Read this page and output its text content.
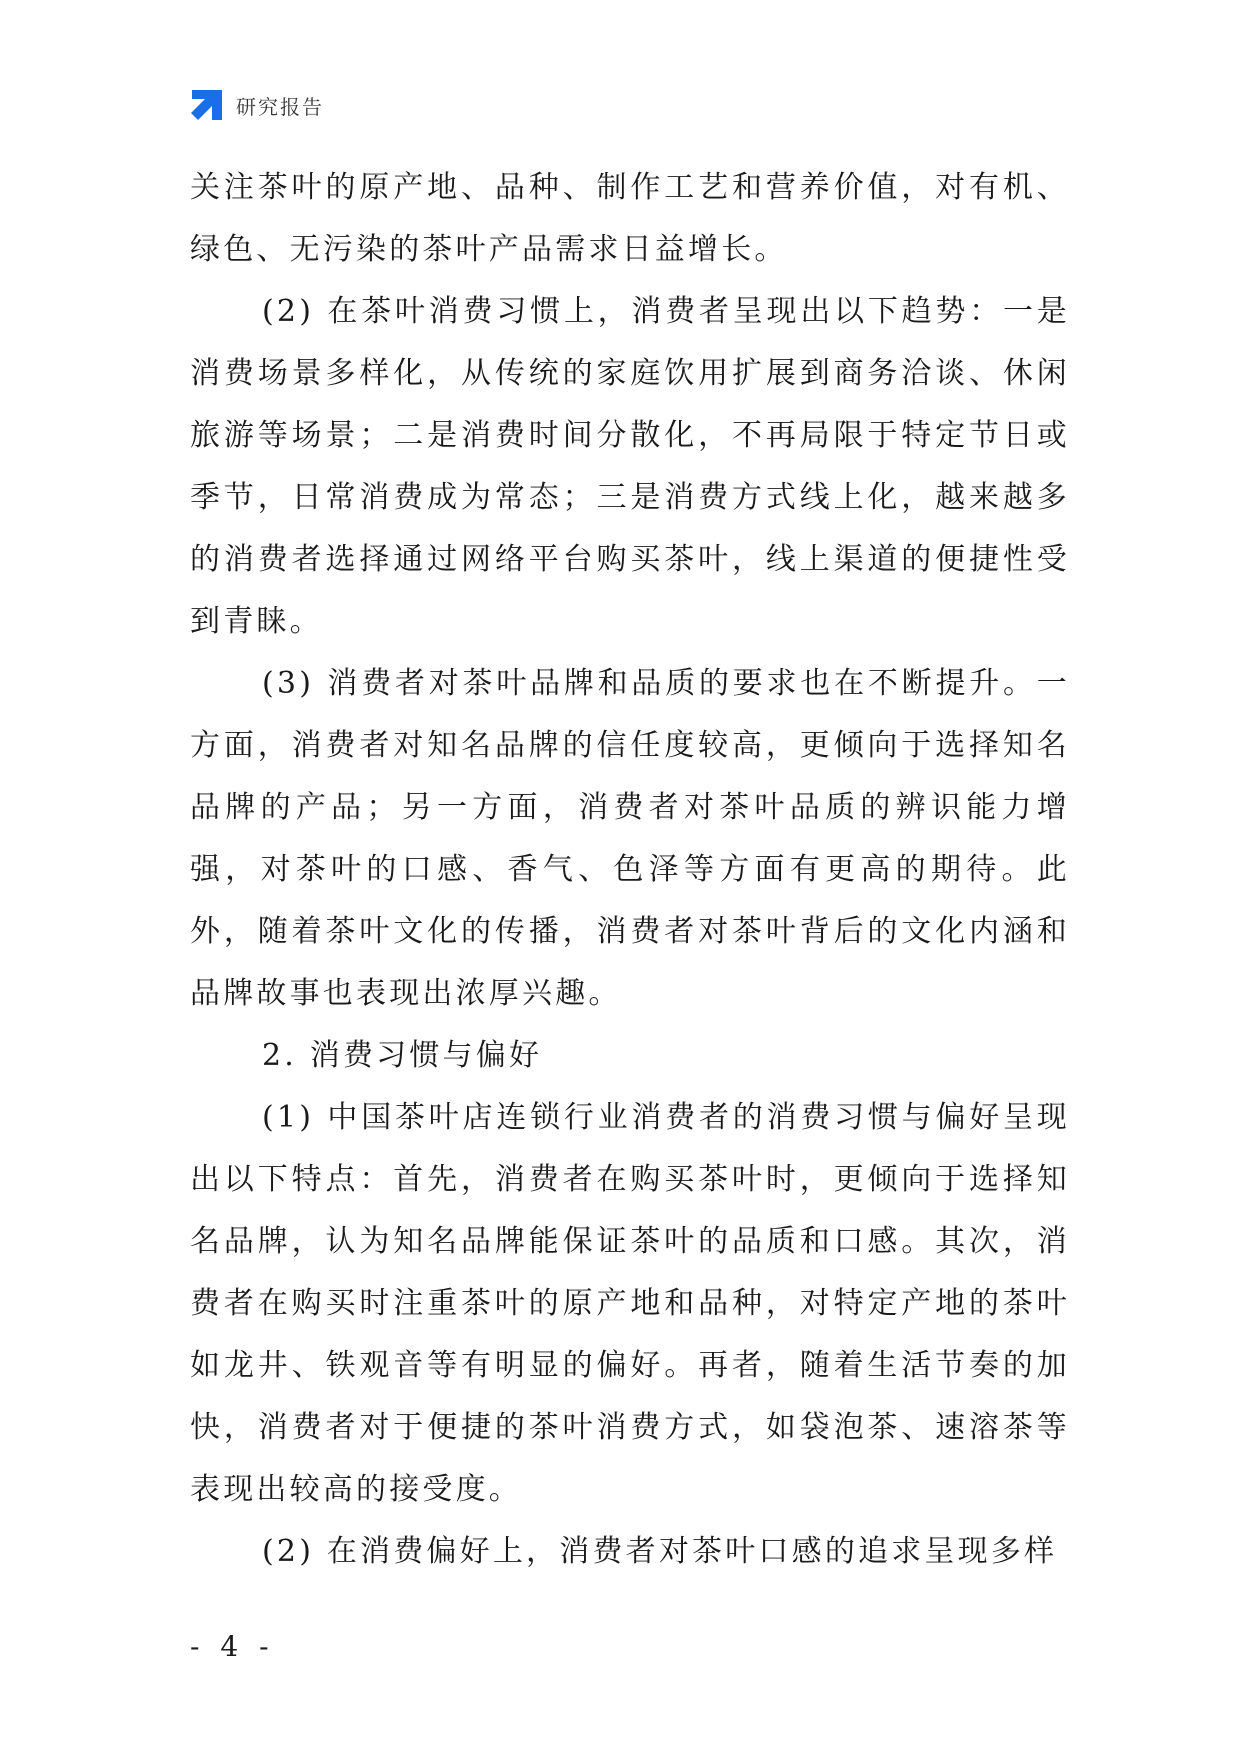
研究报告

关注茶叶的原产地、品种、制作工艺和营养价值，对有机、绿色、无污染的茶叶产品需求日益增长。

(2) 在茶叶消费习惯上，消费者呈现出以下趋势：一是消费场景多样化，从传统的家庭饮用扩展到商务洽谈、休闲旅游等场景；二是消费时间分散化，不再局限于特定节日或季节，日常消费成为常态；三是消费方式线上化，越来越多的消费者选择通过网络平台购买茶叶，线上渠道的便捷性受到青睐。

(3) 消费者对茶叶品牌和品质的要求也在不断提升。一方面，消费者对知名品牌的信任度较高，更倾向于选择知名品牌的产品；另一方面，消费者对茶叶品质的辨识能力增强，对茶叶的口感、香气、色泽等方面有更高的期待。此外，随着茶叶文化的传播，消费者对茶叶背后的文化内涵和品牌故事也表现出浓厚兴趣。

2. 消费习惯与偏好

(1) 中国茶叶店连锁行业消费者的消费习惯与偏好呈现出以下特点：首先，消费者在购买茶叶时，更倾向于选择知名品牌，认为知名品牌能保证茶叶的品质和口感。其次，消费者在购买时注重茶叶的原产地和品种，对特定产地的茶叶如龙井、铁观音等有明显的偏好。再者，随着生活节奏的加快，消费者对于便捷的茶叶消费方式，如袋泡茶、速溶茶等表现出较高的接受度。

(2) 在消费偏好上，消费者对茶叶口感的追求呈现多样

- 4 -
